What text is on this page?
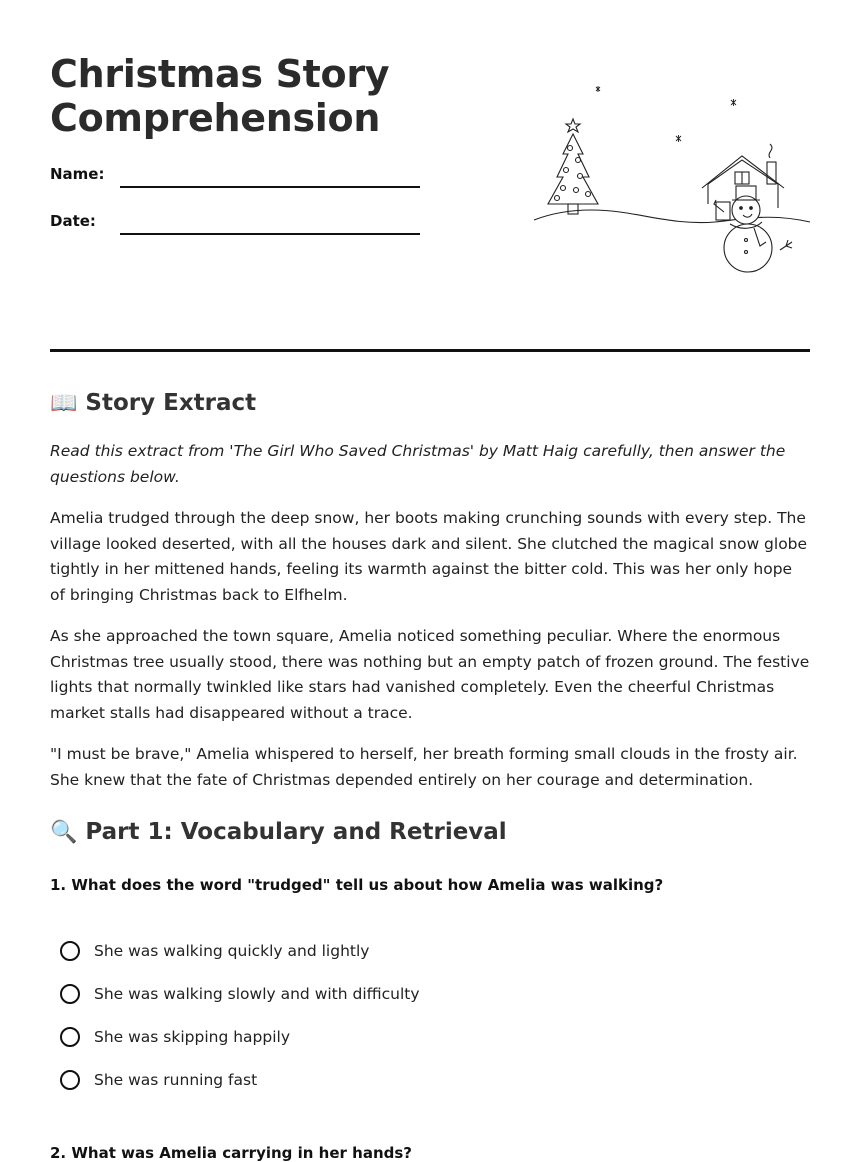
Christmas Story
Comprehension
Name:
Date:
📖 Story Extract
Read this extract from 'The Girl Who Saved Christmas' by Matt Haig carefully, then answer the questions below.
Amelia trudged through the deep snow, her boots making crunching sounds with every step. The village looked deserted, with all the houses dark and silent. She clutched the magical snow globe tightly in her mittened hands, feeling its warmth against the bitter cold. This was her only hope of bringing Christmas back to Elfhelm.
As she approached the town square, Amelia noticed something peculiar. Where the enormous Christmas tree usually stood, there was nothing but an empty patch of frozen ground. The festive lights that normally twinkled like stars had vanished completely. Even the cheerful Christmas market stalls had disappeared without a trace.
"I must be brave," Amelia whispered to herself, her breath forming small clouds in the frosty air. She knew that the fate of Christmas depended entirely on her courage and determination.
🔍 Part 1: Vocabulary and Retrieval
1. What does the word "trudged" tell us about how Amelia was walking?
She was walking quickly and lightly
She was walking slowly and with difficulty
She was skipping happily
She was running fast
2. What was Amelia carrying in her hands?
